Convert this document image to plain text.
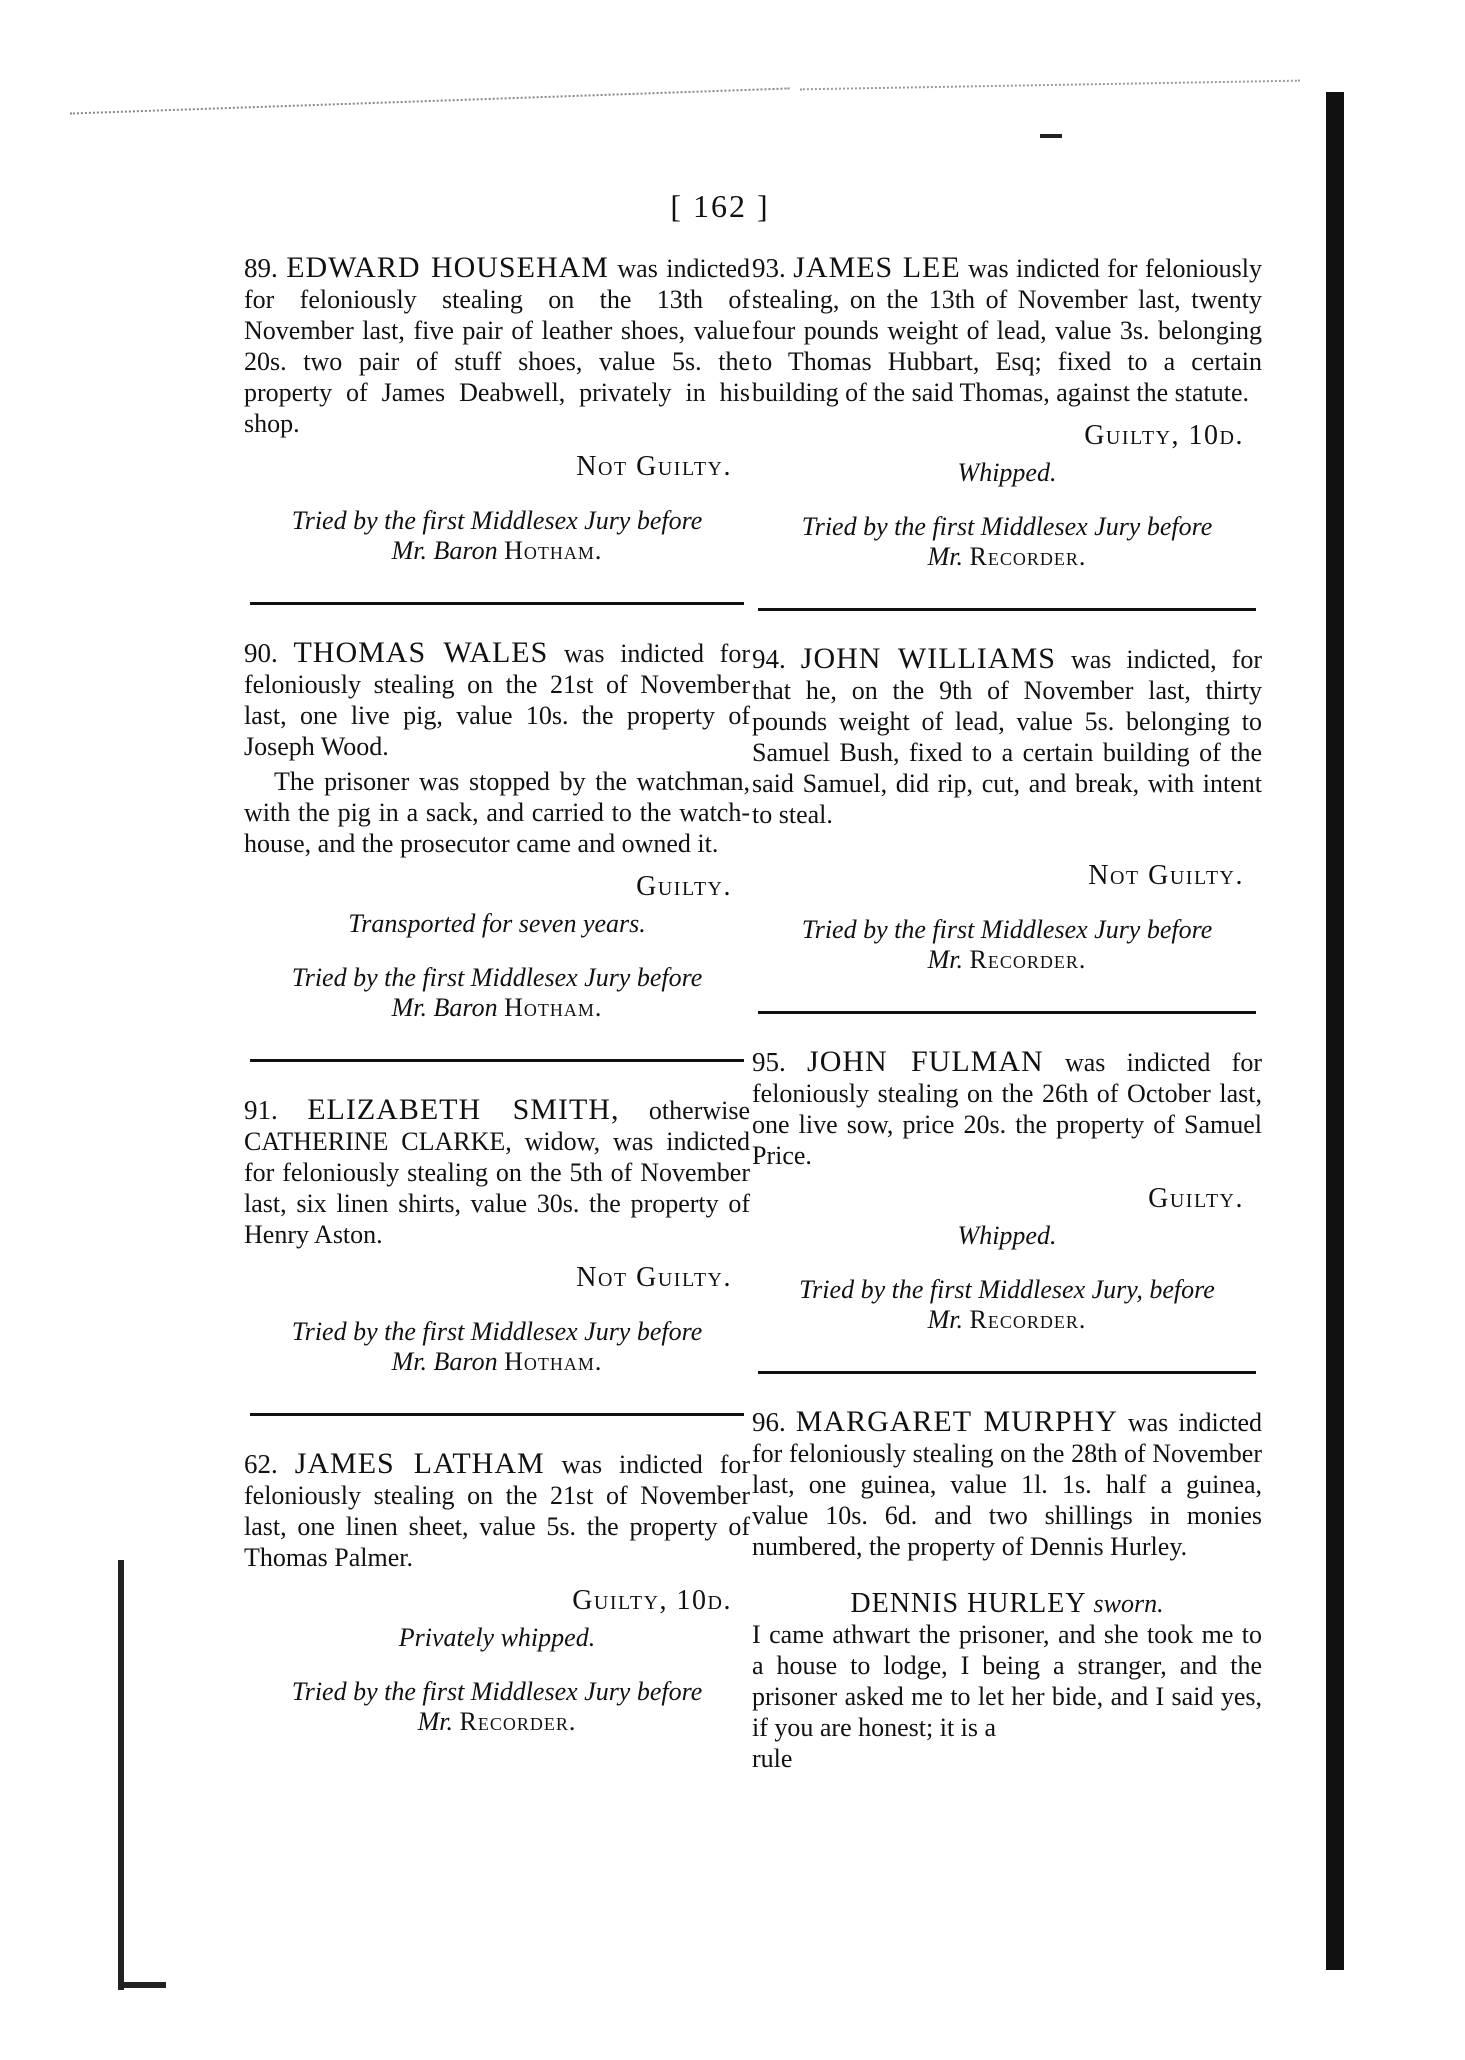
[ 162 ]

89. EDWARD HOUSEHAM was indicted for feloniously stealing on the 13th of November last, five pair of leather shoes, value 20s. two pair of stuff shoes, value 5s. the property of James Deabwell, privately in his shop.

Not Guilty.
Tried by the first Middlesex Jury before
Mr. Baron Hotham.

90. THOMAS WALES was indicted for feloniously stealing on the 21st of November last, one live pig, value 10s. the property of Joseph Wood.

The prisoner was stopped by the watchman, with the pig in a sack, and carried to the watch-house, and the prosecutor came and owned it.

Guilty.
Transported for seven years.
Tried by the first Middlesex Jury before
Mr. Baron Hotham.

91. ELIZABETH SMITH, otherwise CATHERINE CLARKE, widow, was indicted for feloniously stealing on the 5th of November last, six linen shirts, value 30s. the property of Henry Aston.

Not Guilty.
Tried by the first Middlesex Jury before
Mr. Baron Hotham.

62. JAMES LATHAM was indicted for feloniously stealing on the 21st of November last, one linen sheet, value 5s. the property of Thomas Palmer.

Guilty, 10d.
Privately whipped.
Tried by the first Middlesex Jury before
Mr. Recorder.

93. JAMES LEE was indicted for feloniously stealing, on the 13th of November last, twenty four pounds weight of lead, value 3s. belonging to Thomas Hubbart, Esq; fixed to a certain building of the said Thomas, against the statute.

Guilty, 10d.
Whipped.
Tried by the first Middlesex Jury before
Mr. Recorder.

94. JOHN WILLIAMS was indicted, for that he, on the 9th of November last, thirty pounds weight of lead, value 5s. belonging to Samuel Bush, fixed to a certain building of the said Samuel, did rip, cut, and break, with intent to steal.

Not Guilty.
Tried by the first Middlesex Jury before
Mr. Recorder.

95. JOHN FULMAN was indicted for feloniously stealing on the 26th of October last, one live sow, price 20s. the property of Samuel Price.

Guilty.
Whipped.
Tried by the first Middlesex Jury, before
Mr. Recorder.

96. MARGARET MURPHY was indicted for feloniously stealing on the 28th of November last, one guinea, value 1l. 1s. half a guinea, value 10s. 6d. and two shillings in monies numbered, the property of Dennis Hurley.

DENNIS HURLEY sworn.

I came athwart the prisoner, and she took me to a house to lodge, I being a stranger, and the prisoner asked me to let her bide, and I said yes, if you are honest; it is a

rule
